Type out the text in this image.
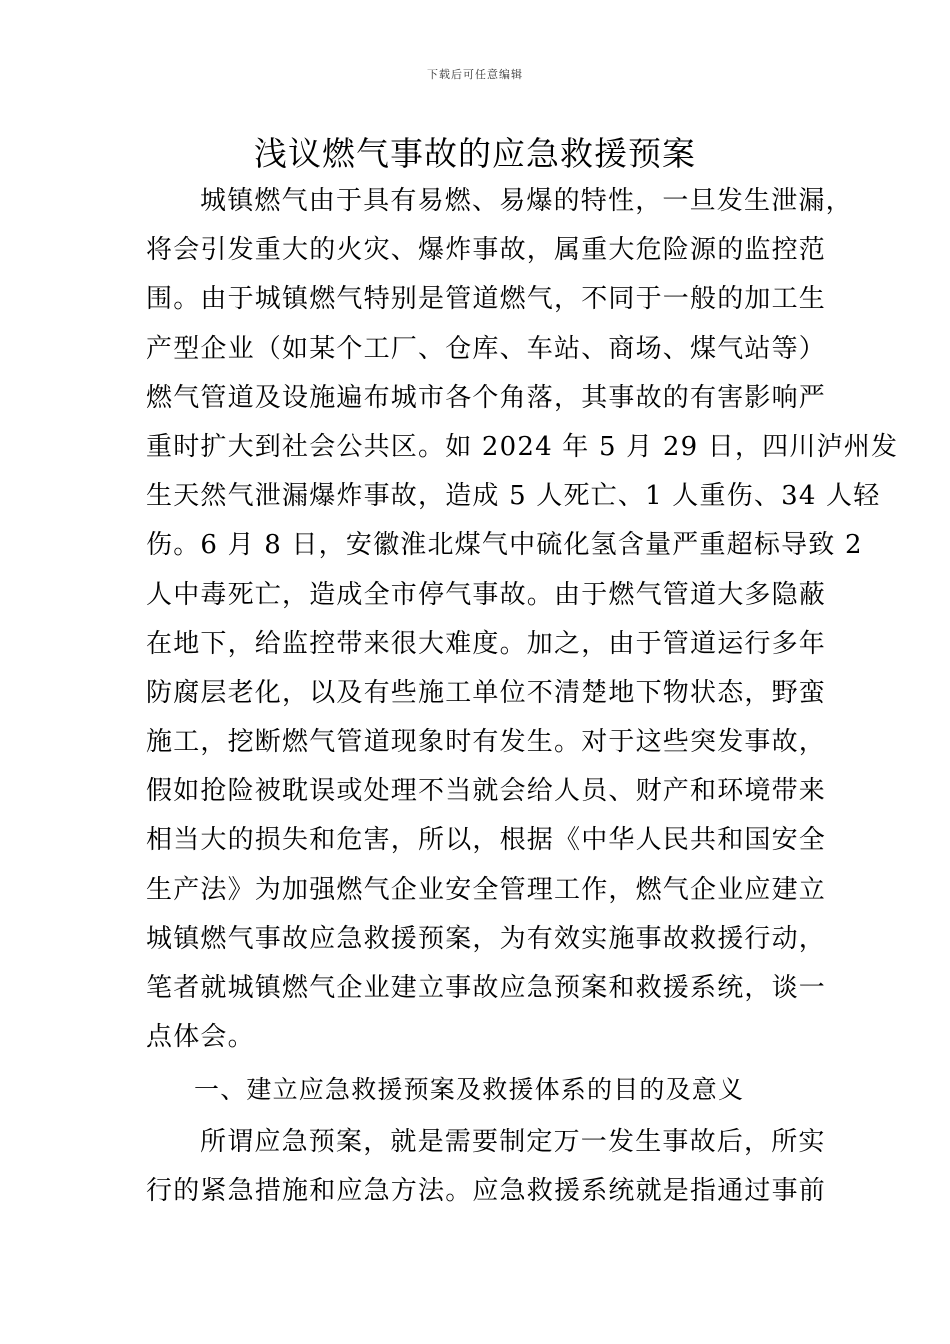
下载后可任意编辑
浅议燃气事故的应急救援预案
城镇燃气由于具有易燃、易爆的特性，一旦发生泄漏，
将会引发重大的火灾、爆炸事故，属重大危险源的监控范
围。由于城镇燃气特别是管道燃气，不同于一般的加工生
产型企业（如某个工厂、仓库、车站、商场、煤气站等）
燃气管道及设施遍布城市各个角落，其事故的有害影响严
重时扩大到社会公共区。如 2024 年 5 月 29 日，四川泸州发
生天然气泄漏爆炸事故，造成 5 人死亡、1 人重伤、34 人轻
伤。6 月 8 日，安徽淮北煤气中硫化氢含量严重超标导致 2
人中毒死亡，造成全市停气事故。由于燃气管道大多隐蔽
在地下，给监控带来很大难度。加之，由于管道运行多年
防腐层老化，以及有些施工单位不清楚地下物状态，野蛮
施工，挖断燃气管道现象时有发生。对于这些突发事故，
假如抢险被耽误或处理不当就会给人员、财产和环境带来
相当大的损失和危害，所以，根据《中华人民共和国安全
生产法》为加强燃气企业安全管理工作，燃气企业应建立
城镇燃气事故应急救援预案，为有效实施事故救援行动，
笔者就城镇燃气企业建立事故应急预案和救援系统，谈一
点体会。
一、建立应急救援预案及救援体系的目的及意义
所谓应急预案，就是需要制定万一发生事故后，所实
行的紧急措施和应急方法。应急救援系统就是指通过事前
